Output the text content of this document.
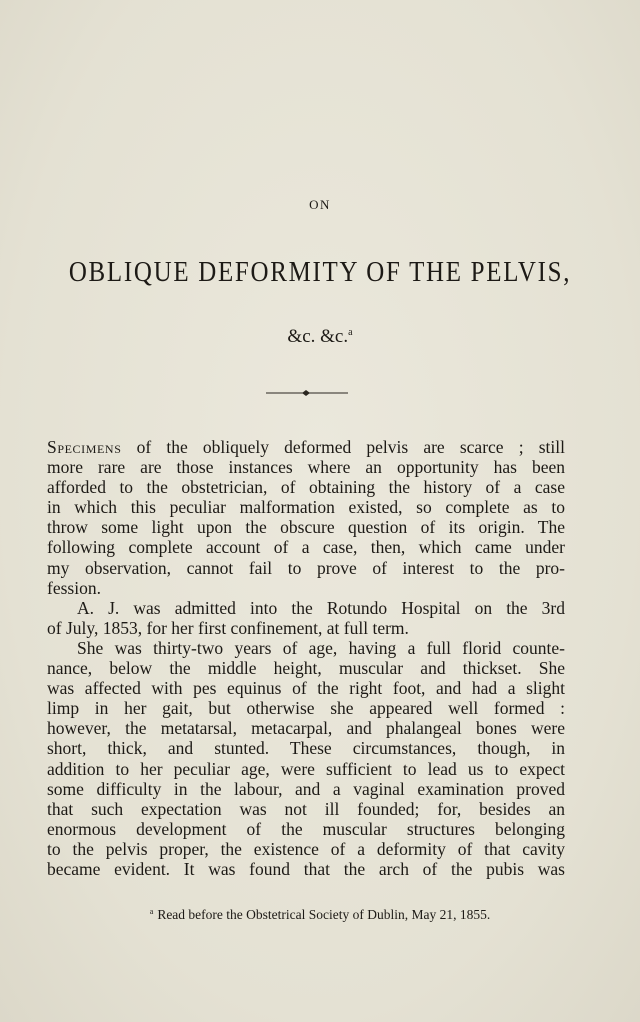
ON
OBLIQUE DEFORMITY OF THE PELVIS,
&c. &c.$^a$
Specimens of the obliquely deformed pelvis are scarce ; still
more rare are those instances where an opportunity has been
afforded to the obstetrician, of obtaining the history of a case
in which this peculiar malformation existed, so complete as to
throw some light upon the obscure question of its origin. The
following complete account of a case, then, which came under
my observation, cannot fail to prove of interest to the pro-
fession.
A. J. was admitted into the Rotundo Hospital on the 3rd
of July, 1853, for her first confinement, at full term.
She was thirty-two years of age, having a full florid counte-
nance, below the middle height, muscular and thickset. She
was affected with pes equinus of the right foot, and had a slight
limp in her gait, but otherwise she appeared well formed :
however, the metatarsal, metacarpal, and phalangeal bones were
short, thick, and stunted. These circumstances, though, in
addition to her peculiar age, were sufficient to lead us to expect
some difficulty in the labour, and a vaginal examination proved
that such expectation was not ill founded; for, besides an
enormous development of the muscular structures belonging
to the pelvis proper, the existence of a deformity of that cavity
became evident. It was found that the arch of the pubis was
$^a$ Read before the Obstetrical Society of Dublin, May 21, 1855.
